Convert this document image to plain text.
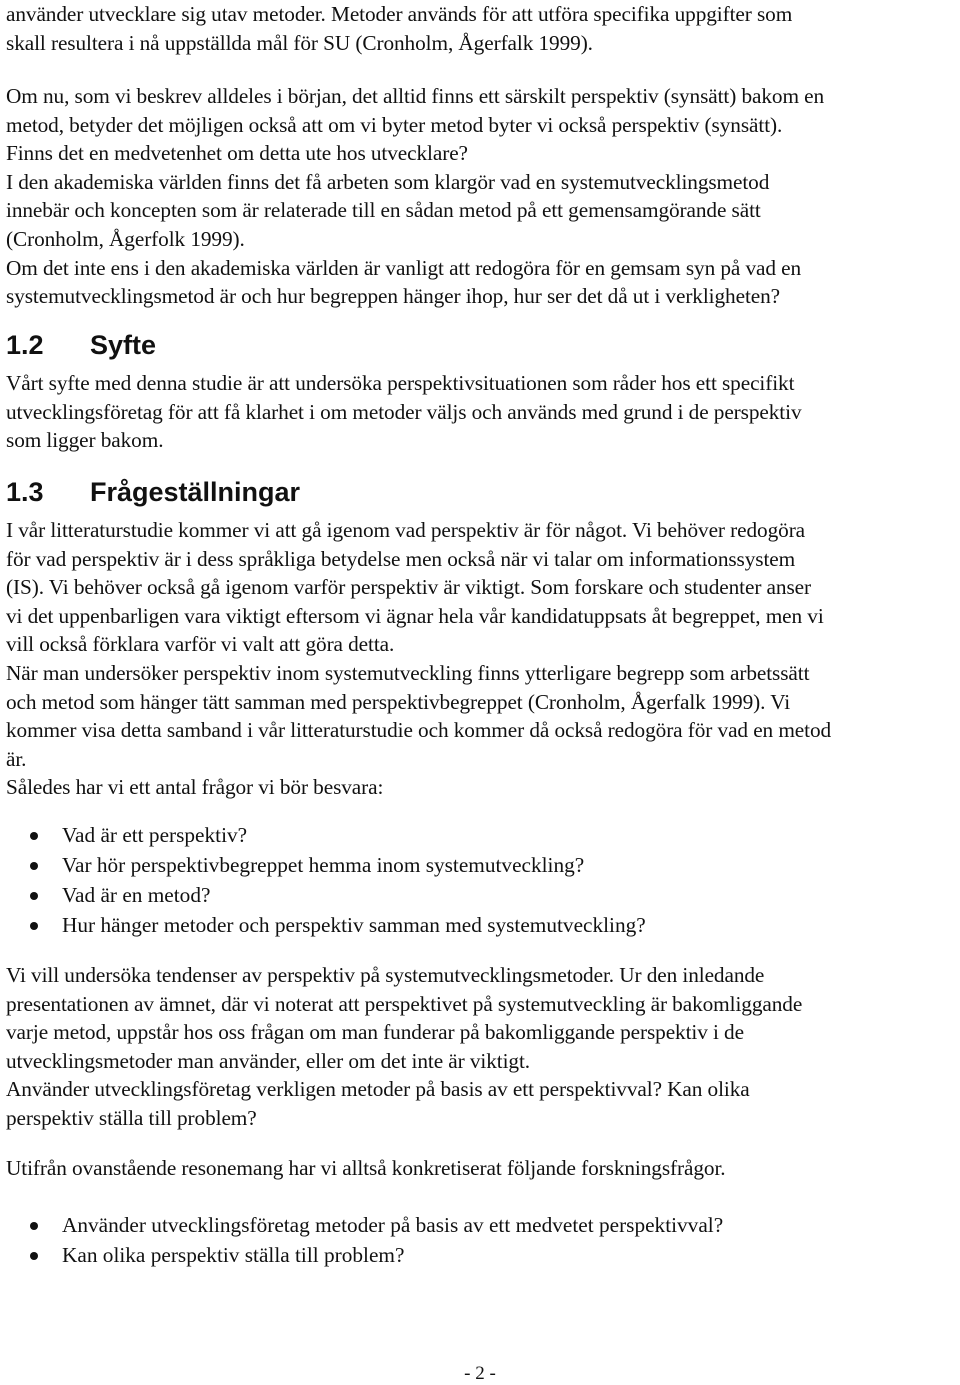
använder utvecklare sig utav metoder. Metoder används för att utföra specifika uppgifter som
skall resultera i nå uppställda mål för SU (Cronholm, Ågerfalk 1999).
Om nu, som vi beskrev alldeles i början, det alltid finns ett särskilt perspektiv (synsätt) bakom en
metod, betyder det möjligen också att om vi byter metod byter vi också perspektiv (synsätt).
Finns det en medvetenhet om detta ute hos utvecklare?
I den akademiska världen finns det få arbeten som klargör vad en systemutvecklingsmetod
innebär och koncepten som är relaterade till en sådan metod på ett gemensamgörande sätt
(Cronholm, Ågerfolk 1999).
Om det inte ens i den akademiska världen är vanligt att redogöra för en gemsam syn på vad en
systemutvecklingsmetod är och hur begreppen hänger ihop, hur ser det då ut i verkligheten?
1.2 Syfte
Vårt syfte med denna studie är att undersöka perspektivsituationen som råder hos ett specifikt
utvecklingsföretag för att få klarhet i om metoder väljs och används med grund i de perspektiv
som ligger bakom.
1.3 Frågeställningar
I vår litteraturstudie kommer vi att gå igenom vad perspektiv är för något. Vi behöver redogöra
för vad perspektiv är i dess språkliga betydelse men också när vi talar om informationssystem
(IS). Vi behöver också gå igenom varför perspektiv är viktigt. Som forskare och studenter anser
vi det uppenbarligen vara viktigt eftersom vi ägnar hela vår kandidatuppsats åt begreppet, men vi
vill också förklara varför vi valt att göra detta.
När man undersöker perspektiv inom systemutveckling finns ytterligare begrepp som arbetssätt
och metod som hänger tätt samman med perspektivbegreppet (Cronholm, Ågerfalk 1999). Vi
kommer visa detta samband i vår litteraturstudie och kommer då också redogöra för vad en metod
är.
Således har vi ett antal frågor vi bör besvara:
Vad är ett perspektiv?
Var hör perspektivbegreppet hemma inom systemutveckling?
Vad är en metod?
Hur hänger metoder och perspektiv samman med systemutveckling?
Vi vill undersöka tendenser av perspektiv på systemutvecklingsmetoder. Ur den inledande
presentationen av ämnet, där vi noterat att perspektivet på systemutveckling är bakomliggande
varje metod, uppstår hos oss frågan om man funderar på bakomliggande perspektiv i de
utvecklingsmetoder man använder, eller om det inte är viktigt.
Använder utvecklingsföretag verkligen metoder på basis av ett perspektivval? Kan olika
perspektiv ställa till problem?
Utifrån ovanstående resonemang har vi alltså konkretiserat följande forskningsfrågor.
Använder utvecklingsföretag metoder på basis av ett medvetet perspektivval?
Kan olika perspektiv ställa till problem?
- 2 -
